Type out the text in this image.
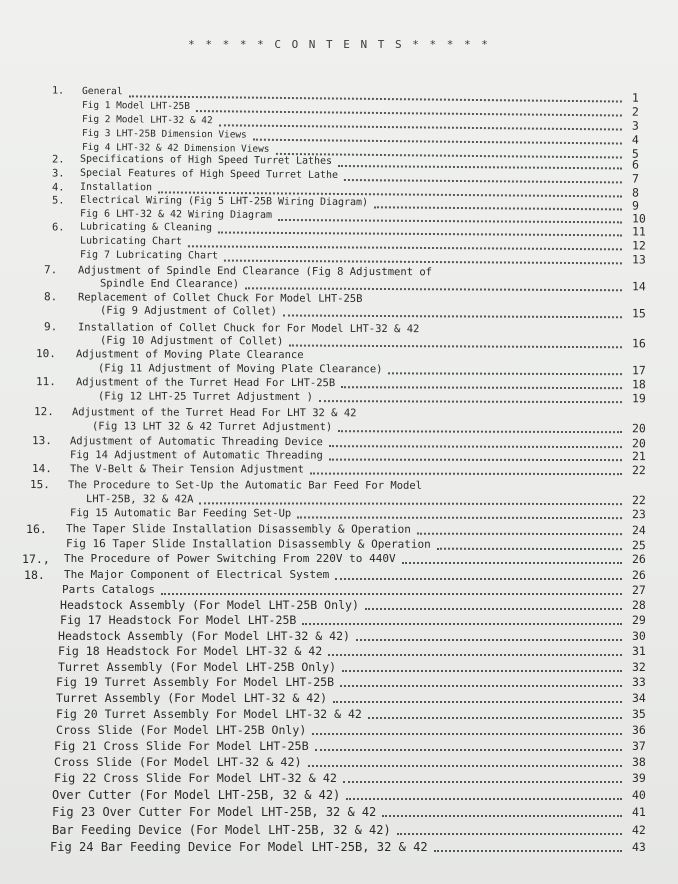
* * * * * C O N T E N T S * * * * *
1. General	1
Fig 1 Model LHT-25B	2
Fig 2 Model LHT-32 & 42	3
Fig 3 LHT-25B Dimension Views	4
Fig 4 LHT-32 & 42 Dimension Views	5
2. Specifications of High Speed Turret Lathes	6
3. Special Features of High Speed Turret Lathe	7
4. Installation	8
5. Electrical Wiring (Fig 5 LHT-25B Wiring Diagram)	9
Fig 6 LHT-32 & 42 Wiring Diagram	10
6. Lubricating & Cleaning	11
Lubricating Chart	12
Fig 7 Lubricating Chart	13
7. Adjustment of Spindle End Clearance (Fig 8 Adjustment of
Spindle End Clearance)	14
8. Replacement of Collet Chuck For Model LHT-25B
(Fig 9 Adjustment of Collet)	15
9. Installation of Collet Chuck for For Model LHT-32 & 42
(Fig 10 Adjustment of Collet)	16
10. Adjustment of Moving Plate Clearance
(Fig 11 Adjustment of Moving Plate Clearance)	17
11. Adjustment of the Turret Head For LHT-25B	18
(Fig 12 LHT-25 Turret Adjustment )	19
12. Adjustment of the Turret Head For LHT 32 & 42
(Fig 13 LHT 32 & 42 Turret Adjustment)	20
13. Adjustment of Automatic Threading Device	20
Fig 14 Adjustment of Automatic Threading	21
14. The V-Belt & Their Tension Adjustment	22
15. The Procedure to Set-Up the Automatic Bar Feed For Model
LHT-25B, 32 & 42A	22
Fig 15 Automatic Bar Feeding Set-Up	23
16. The Taper Slide Installation Disassembly & Operation	24
Fig 16 Taper Slide Installation Disassembly & Operation	25
17., The Procedure of Power Switching From 220V to 440V	26
18. The Major Component of Electrical System	26
Parts Catalogs	27
Headstock Assembly (For Model LHT-25B Only)	28
Fig 17 Headstock For Model LHT-25B	29
Headstock Assembly (For Model LHT-32 & 42)	30
Fig 18 Headstock For Model LHT-32 & 42	31
Turret Assembly (For Model LHT-25B Only)	32
Fig 19 Turret Assembly For Model LHT-25B	33
Turret Assembly (For Model LHT-32 & 42)	34
Fig 20 Turret Assembly For Model LHT-32 & 42	35
Cross Slide (For Model LHT-25B Only)	36
Fig 21 Cross Slide For Model LHT-25B	37
Cross Slide (For Model LHT-32 & 42)	38
Fig 22 Cross Slide For Model LHT-32 & 42	39
Over Cutter (For Model LHT-25B, 32 & 42)	40
Fig 23 Over Cutter For Model LHT-25B, 32 & 42	41
Bar Feeding Device (For Model LHT-25B, 32 & 42)	42
Fig 24 Bar Feeding Device For Model LHT-25B, 32 & 42	43
